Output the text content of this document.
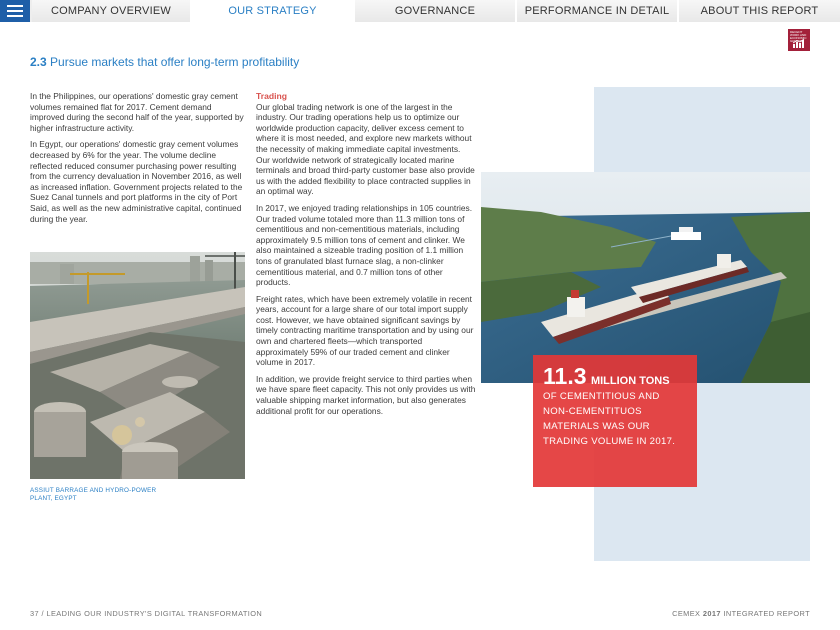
COMPANY OVERVIEW	OUR STRATEGY	GOVERNANCE	PERFORMANCE IN DETAIL	ABOUT THIS REPORT
DECENT WORK AND ECONOMIC GROWTH
2.3 Pursue markets that offer long-term profitability

In the Philippines, our operations' domestic gray cement volumes remained flat for 2017. Cement demand improved during the second half of the year, supported by higher infrastructure activity.

In Egypt, our operations' domestic gray cement volumes decreased by 6% for the year. The volume decline reflected reduced consumer purchasing power resulting from the currency devaluation in November 2016, as well as increased inflation. Government projects related to the Suez Canal tunnels and port platforms in the city of Port Said, as well as the new administrative capital, continued during the year.

ASSIUT BARRAGE AND HYDRO-POWER PLANT, EGYPT
Trading

Our global trading network is one of the largest in the industry. Our trading operations help us to optimize our worldwide production capacity, deliver excess cement to where it is most needed, and explore new markets without the necessity of making immediate capital investments. Our worldwide network of strategically located marine terminals and broad third-party customer base also provide us with the added flexibility to place contracted supplies in an optimal way.

In 2017, we enjoyed trading relationships in 105 countries. Our traded volume totaled more than 11.3 million tons of cementitious and non-cementitious materials, including approximately 9.5 million tons of cement and clinker. We also maintained a sizeable trading position of 1.1 million tons of granulated blast furnace slag, a non-clinker cementitious material, and 0.7 million tons of other products.

Freight rates, which have been extremely volatile in recent years, account for a large share of our total import supply cost. However, we have obtained significant savings by timely contracting maritime transportation and by using our own and chartered fleets—which transported approximately 59% of our traded cement and clinker volume in 2017.

In addition, we provide freight service to third parties when we have spare fleet capacity. This not only provides us with valuable shipping market information, but also generates additional profit for our operations.

11.3 MILLION TONS
OF CEMENTITIOUS AND NON-CEMENTITUOS MATERIALS WAS OUR TRADING VOLUME IN 2017.
37 / LEADING OUR INDUSTRY'S DIGITAL TRANSFORMATION	CEMEX 2017 INTEGRATED REPORT
